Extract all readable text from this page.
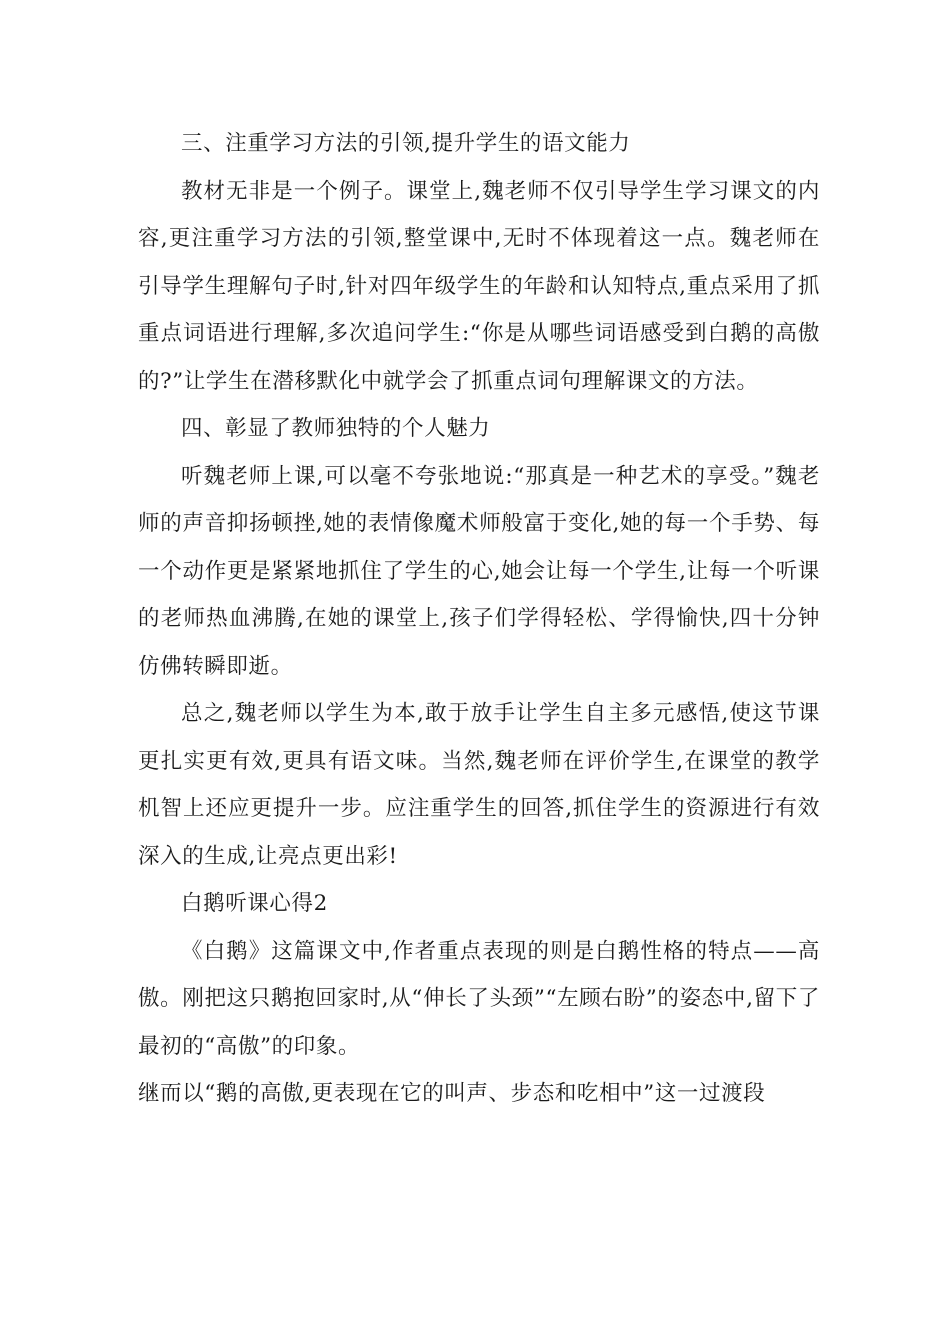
三、注重学习方法的引领,提升学生的语文能力

教材无非是一个例子。课堂上,魏老师不仅引导学生学习课文的内容,更注重学习方法的引领,整堂课中,无时不体现着这一点。魏老师在引导学生理解句子时,针对四年级学生的年龄和认知特点,重点采用了抓重点词语进行理解,多次追问学生:“你是从哪些词语感受到白鹅的高傲的?”让学生在潜移默化中就学会了抓重点词句理解课文的方法。

四、彰显了教师独特的个人魅力

听魏老师上课,可以毫不夸张地说:“那真是一种艺术的享受。”魏老师的声音抑扬顿挫,她的表情像魔术师般富于变化,她的每一个手势、每一个动作更是紧紧地抓住了学生的心,她会让每一个学生,让每一个听课的老师热血沸腾,在她的课堂上,孩子们学得轻松、学得愉快,四十分钟仿佛转瞬即逝。

总之,魏老师以学生为本,敢于放手让学生自主多元感悟,使这节课更扎实更有效,更具有语文味。当然,魏老师在评价学生,在课堂的教学机智上还应更提升一步。应注重学生的回答,抓住学生的资源进行有效深入的生成,让亮点更出彩!

白鹅听课心得2

《白鹅》这篇课文中,作者重点表现的则是白鹅性格的特点——高傲。刚把这只鹅抱回家时,从“伸长了头颈”“左顾右盼”的姿态中,留下了最初的“高傲”的印象。

继而以“鹅的高傲,更表现在它的叫声、步态和吃相中”这一过渡段
